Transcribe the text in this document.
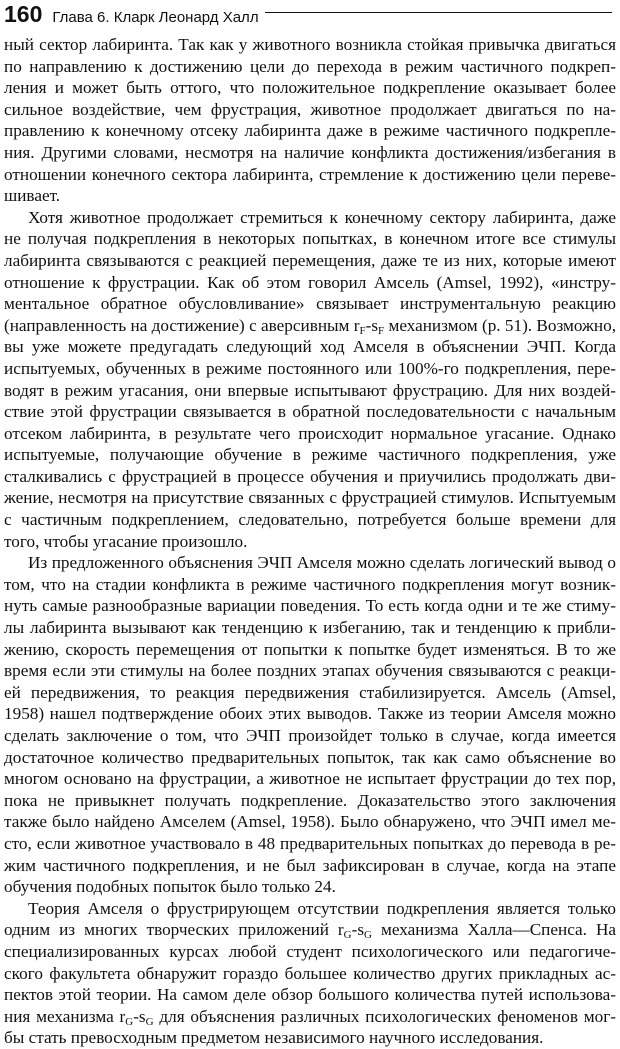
160 Глава 6. Кларк Леонард Халл

ный сектор лабиринта. Так как у животного возникла стойкая привычка двигаться по направлению к достижению цели до перехода в режим частичного подкрепления и может быть оттого, что положительное подкрепление оказывает более сильное воздействие, чем фрустрация, животное продолжает двигаться по направлению к конечному отсеку лабиринта даже в режиме частичного подкрепления. Другими словами, несмотря на наличие конфликта достижения/избегания в отношении конечного сектора лабиринта, стремление к достижению цели перевешивает.

Хотя животное продолжает стремиться к конечному сектору лабиринта, даже не получая подкрепления в некоторых попытках, в конечном итоге все стимулы лабиринта связываются с реакцией перемещения, даже те из них, которые имеют отношение к фрустрации. Как об этом говорил Амсель (Amsel, 1992), «инструментальное обратное обусловливание» связывает инструментальную реакцию (направленность на достижение) с аверсивным $r_F-s_F$ механизмом (р. 51). Возможно, вы уже можете предугадать следующий ход Амселя в объяснении ЭЧП. Когда испытуемых, обученных в режиме постоянного или 100%-го подкрепления, переводят в режим угасания, они впервые испытывают фрустрацию. Для них воздействие этой фрустрации связывается в обратной последовательности с начальным отсеком лабиринта, в результате чего происходит нормальное угасание. Однако испытуемые, получающие обучение в режиме частичного подкрепления, уже сталкивались с фрустрацией в процессе обучения и приучились продолжать движение, несмотря на присутствие связанных с фрустрацией стимулов. Испытуемым с частичным подкреплением, следовательно, потребуется больше времени для того, чтобы угасание произошло.

Из предложенного объяснения ЭЧП Амселя можно сделать логический вывод о том, что на стадии конфликта в режиме частичного подкрепления могут возникнуть самые разнообразные вариации поведения. То есть когда одни и те же стимулы лабиринта вызывают как тенденцию к избеганию, так и тенденцию к приближению, скорость перемещения от попытки к попытке будет изменяться. В то же время если эти стимулы на более поздних этапах обучения связываются с реакцией передвижения, то реакция передвижения стабилизируется. Амсель (Amsel, 1958) нашел подтверждение обоих этих выводов. Также из теории Амселя можно сделать заключение о том, что ЭЧП произойдет только в случае, когда имеется достаточное количество предварительных попыток, так как само объяснение во многом основано на фрустрации, а животное не испытает фрустрации до тех пор, пока не привыкнет получать подкрепление. Доказательство этого заключения также было найдено Амселем (Amsel, 1958). Было обнаружено, что ЭЧП имел место, если животное участвовало в 48 предварительных попытках до перевода в режим частичного подкрепления, и не был зафиксирован в случае, когда на этапе обучения подобных попыток было только 24.

Теория Амселя о фрустрирующем отсутствии подкрепления является только одним из многих творческих приложений $r_G-s_G$ механизма Халла—Спенса. На специализированных курсах любой студент психологического или педагогического факультета обнаружит гораздо большее количество других прикладных аспектов этой теории. На самом деле обзор большого количества путей использования механизма $r_G-s_G$ для объяснения различных психологических феноменов могбы стать превосходным предметом независимого научного исследования.
